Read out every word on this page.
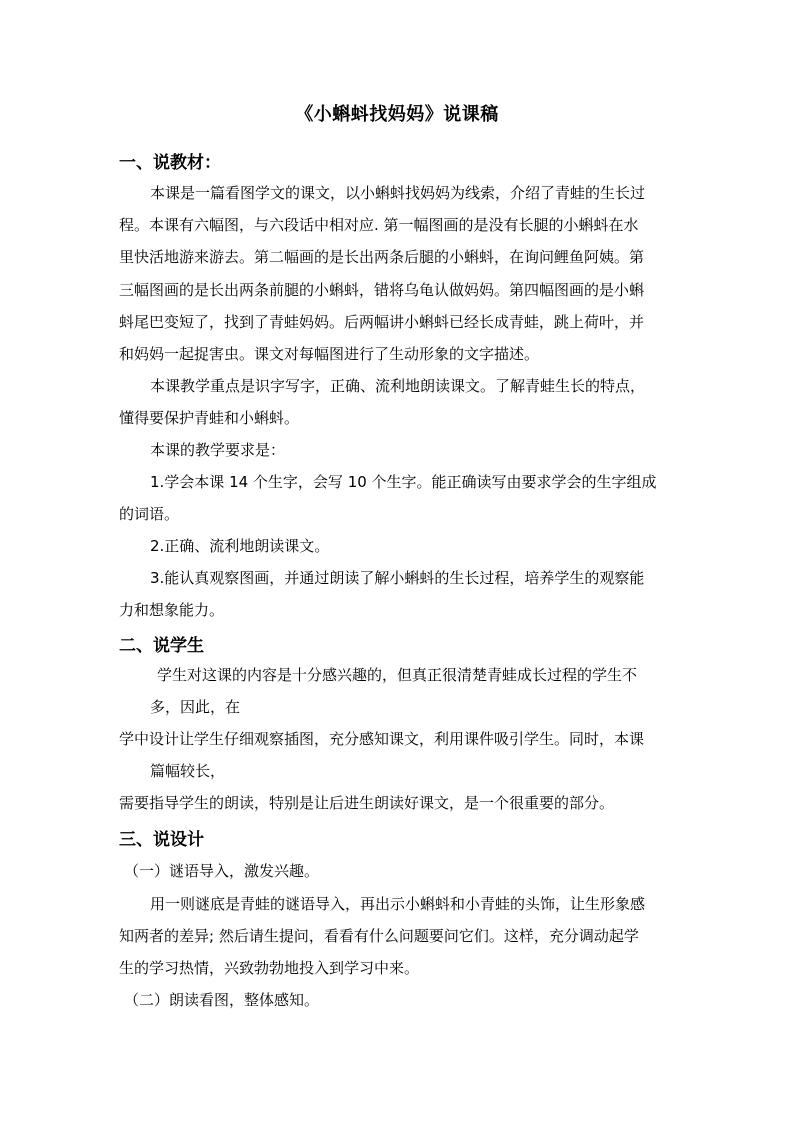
《小蝌蚪找妈妈》说课稿
一、说教材：
本课是一篇看图学文的课文，以小蝌蚪找妈妈为线索，介绍了青蛙的生长过
程。本课有六幅图，与六段话中相对应. 第一幅图画的是没有长腿的小蝌蚪在水
里快活地游来游去。第二幅画的是长出两条后腿的小蝌蚪，在询问鲤鱼阿姨。第
三幅图画的是长出两条前腿的小蝌蚪，错将乌龟认做妈妈。第四幅图画的是小蝌
蚪尾巴变短了，找到了青蛙妈妈。后两幅讲小蝌蚪已经长成青蛙，跳上荷叶，并
和妈妈一起捉害虫。课文对每幅图进行了生动形象的文字描述。
本课教学重点是识字写字，正确、流利地朗读课文。了解青蛙生长的特点，
懂得要保护青蛙和小蝌蚪。
本课的教学要求是：
1.学会本课 14 个生字，会写 10 个生字。能正确读写由要求学会的生字组成
的词语。
2.正确、流利地朗读课文。
3.能认真观察图画，并通过朗读了解小蝌蚪的生长过程，培养学生的观察能
力和想象能力。
二、说学生
学生对这课的内容是十分感兴趣的，但真正很清楚青蛙成长过程的学生不
多，因此，在
学中设计让学生仔细观察插图，充分感知课文，利用课件吸引学生。同时，本课
篇幅较长，
需要指导学生的朗读，特别是让后进生朗读好课文，是一个很重要的部分。
三、说设计
（一）谜语导入，激发兴趣。
用一则谜底是青蛙的谜语导入，再出示小蝌蚪和小青蛙的头饰，让生形象感
知两者的差异; 然后请生提问，看看有什么问题要问它们。这样，充分调动起学
生的学习热情，兴致勃勃地投入到学习中来。
（二）朗读看图，整体感知。
